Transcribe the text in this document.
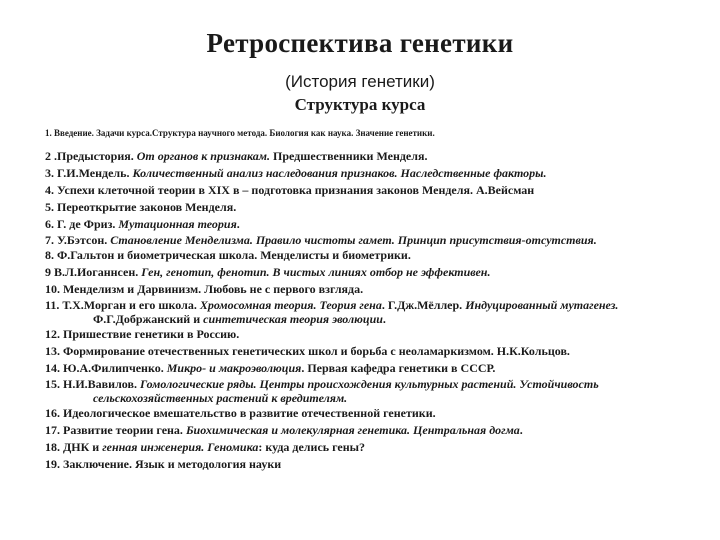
Ретроспектива генетики
(История генетики)
Структура курса
1. Введение. Задачи курса.Структура научного метода. Биология как наука. Значение генетики.
2 .Предыстория. От органов к признакам. Предшественники Менделя.
3. Г.И.Мендель. Количественный анализ наследования признаков. Наследственные факторы.
4. Успехи клеточной теории в XIX в – подготовка признания законов Менделя. А.Вейсман
5. Переоткрытие законов Менделя.
6. Г. де Фриз. Мутационная теория.
7. У.Бэтсон. Становление Менделизма. Правило чистоты гамет. Принцип присутствия-отсутствия.
8. Ф.Гальтон и биометрическая школа. Менделисты и биометрики.
9 В.Л.Иоганнсен. Ген, генотип, фенотип. В чистых линиях отбор не эффективен.
10. Менделизм и Дарвинизм. Любовь не с первого взгляда.
11. Т.Х.Морган и его школа. Хромосомная теория. Теория гена. Г.Дж.Мёллер. Индуцированный мутагенез. Ф.Г.Добржанский и синтетическая теория эволюции.
12. Пришествие генетики в Россию.
13. Формирование отечественных генетических школ и борьба с неоламаркизмом. Н.К.Кольцов.
14. Ю.А.Филипченко. Микро- и макроэволюция. Первая кафедра генетики в СССР.
15. Н.И.Вавилов. Гомологические ряды. Центры происхождения культурных растений. Устойчивость сельскохозяйственных растений к вредителям.
16. Идеологическое вмешательство в развитие отечественной генетики.
17. Развитие теории гена. Биохимическая и молекулярная генетика. Центральная догма.
18. ДНК и генная инженерия. Геномика: куда делись гены?
19. Заключение. Язык и методология науки
